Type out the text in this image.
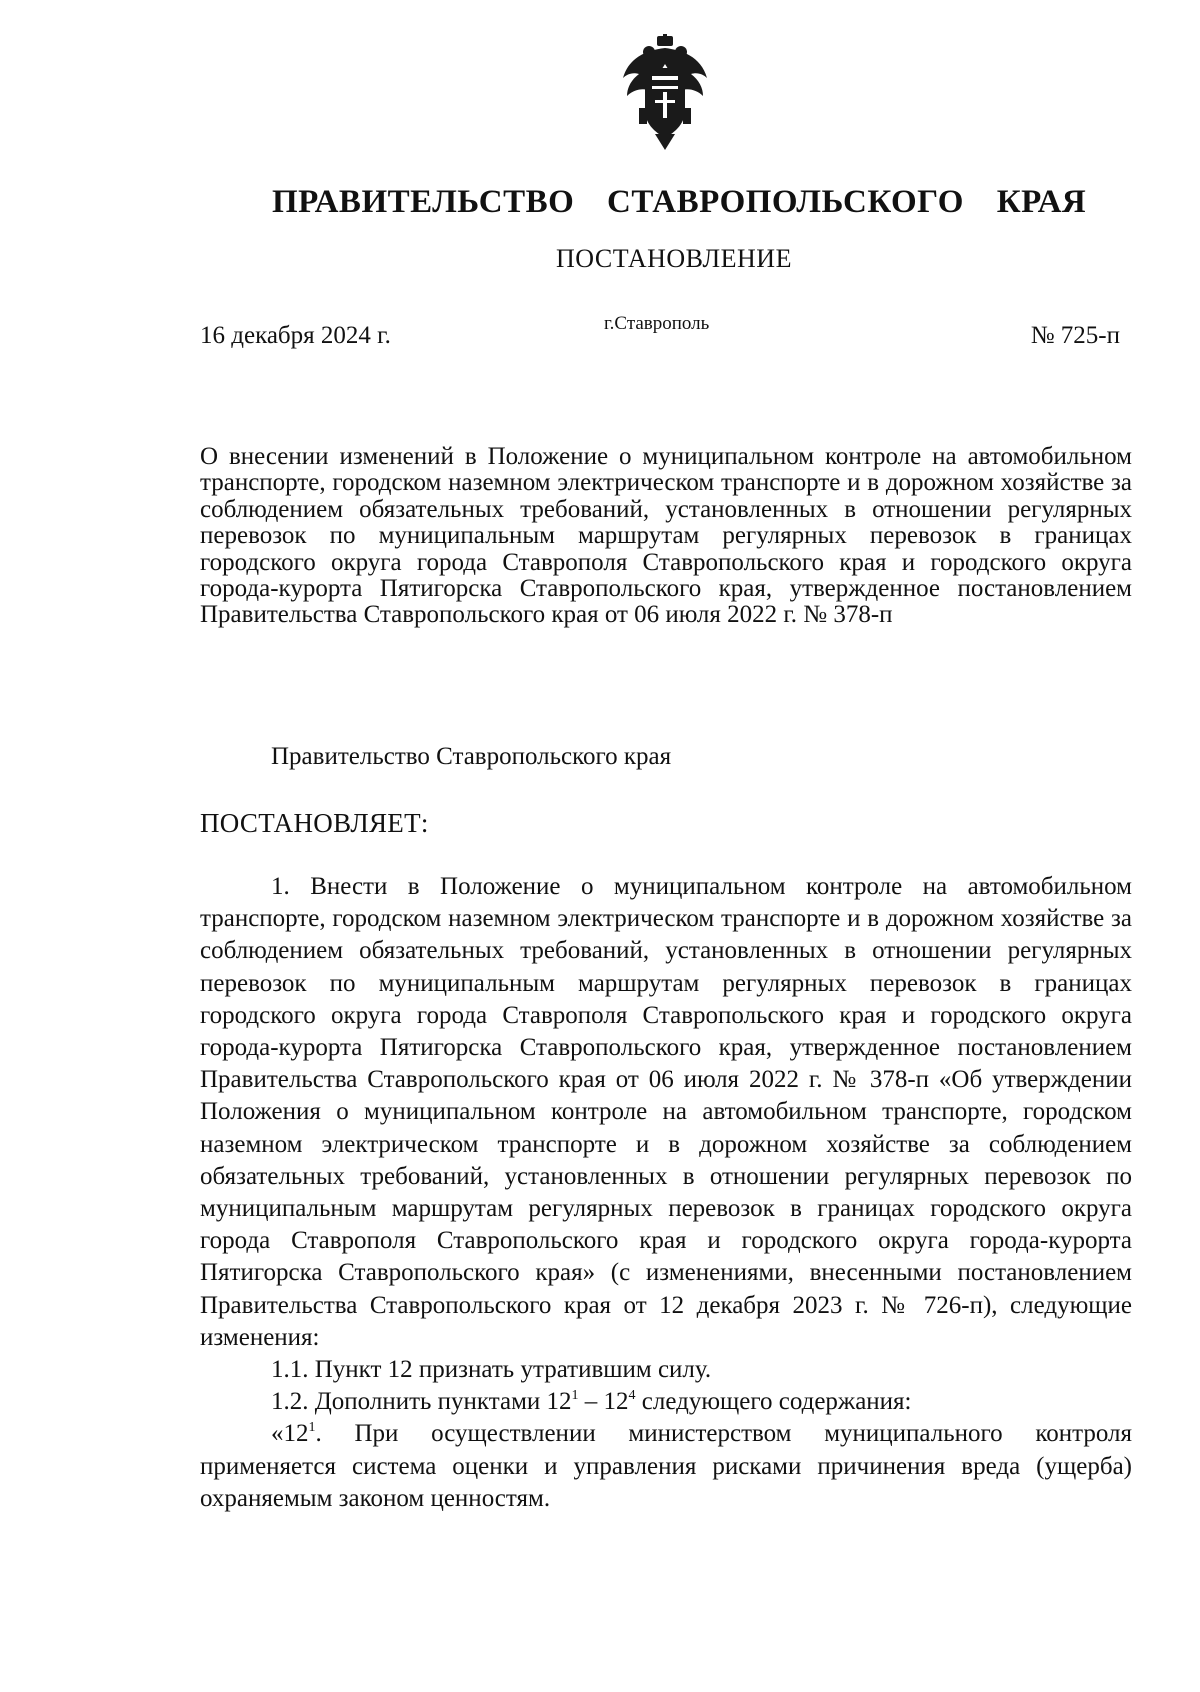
ПРАВИТЕЛЬСТВО СТАВРОПОЛЬСКОГО КРАЯ
ПОСТАНОВЛЕНИЕ
16 декабря 2024 г.	г.Ставрополь	№ 725-п
О внесении изменений в Положение о муниципальном контроле на автомобильном транспорте, городском наземном электрическом транспорте и в дорожном хозяйстве за соблюдением обязательных требований, установленных в отношении регулярных перевозок по муниципальным маршрутам регулярных перевозок в границах городского округа города Ставрополя Ставропольского края и городского округа города-курорта Пятигорска Ставропольского края, утвержденное постановлением Правительства Ставропольского края от 06 июля 2022 г. № 378-п
Правительство Ставропольского края
ПОСТАНОВЛЯЕТ:

1. Внести в Положение о муниципальном контроле на автомобильном транспорте, городском наземном электрическом транспорте и в дорожном хозяйстве за соблюдением обязательных требований, установленных в отношении регулярных перевозок по муниципальным маршрутам регулярных перевозок в границах городского округа города Ставрополя Ставропольского края и городского округа города-курорта Пятигорска Ставропольского края, утвержденное постановлением Правительства Ставропольского края от 06 июля 2022 г. № 378-п «Об утверждении Положения о муниципальном контроле на автомобильном транспорте, городском наземном электрическом транспорте и в дорожном хозяйстве за соблюдением обязательных требований, установленных в отношении регулярных перевозок по муниципальным маршрутам регулярных перевозок в границах городского округа города Ставрополя Ставропольского края и городского округа города-курорта Пятигорска Ставропольского края» (с изменениями, внесенными постановлением Правительства Ставропольского края от 12 декабря 2023 г. № 726-п), следующие изменения:

1.1. Пункт 12 признать утратившим силу.

1.2. Дополнить пунктами $12^1 - 12^4$ следующего содержания:

«$12^1$. При осуществлении министерством муниципального контроля применяется система оценки и управления рисками причинения вреда (ущерба) охраняемым законом ценностям.
